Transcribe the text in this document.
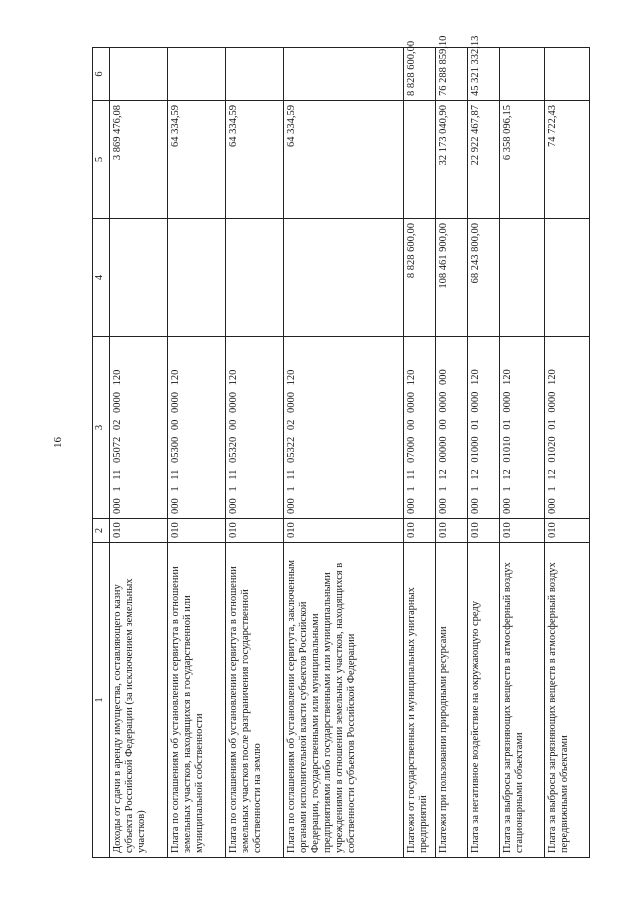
16
1	2	3	4	5	6
Доходы от сдачи в аренду имущества, составляющего казну субъекта Российской Федерации (за исключением земельных участков)	010	000 1 11 05072 02 0000 120		3 869 476,08	
Плата по соглашениям об установлении сервитута в отношении земельных участков, находящихся в государственной или муниципальной собственности	010	000 1 11 05300 00 0000 120		64 334,59	
Плата по соглашениям об установлении сервитута в отношении земельных участков после разграничения государственной собственности на землю	010	000 1 11 05320 00 0000 120		64 334,59	
Плата по соглашениям об установлении сервитута, заключенным органами исполнительной власти субъектов Российской Федерации, государственными или муниципальными предприятиями либо государственными или муниципальными учреждениями в отношении земельных участков, находящихся в собственности субъектов Российской Федерации	010	000 1 11 05322 02 0000 120		64 334,59	
Платежи от государственных и муниципальных унитарных предприятий	010	000 1 11 07000 00 0000 120	8 828 600,00		8 828 600,00
Платежи при пользовании природными ресурсами	010	000 1 12 00000 00 0000 000	108 461 900,00	32 173 040,90	76 288 859,10
Плата за негативное воздействие на окружающую среду	010	000 1 12 01000 01 0000 120	68 243 800,00	22 922 467,87	45 321 332,13
Плата за выбросы загрязняющих веществ в атмосферный воздух стационарными объектами	010	000 1 12 01010 01 0000 120		6 358 096,15	
Плата за выбросы загрязняющих веществ в атмосферный воздух передвижными объектами	010	000 1 12 01020 01 0000 120		74 722,43	
